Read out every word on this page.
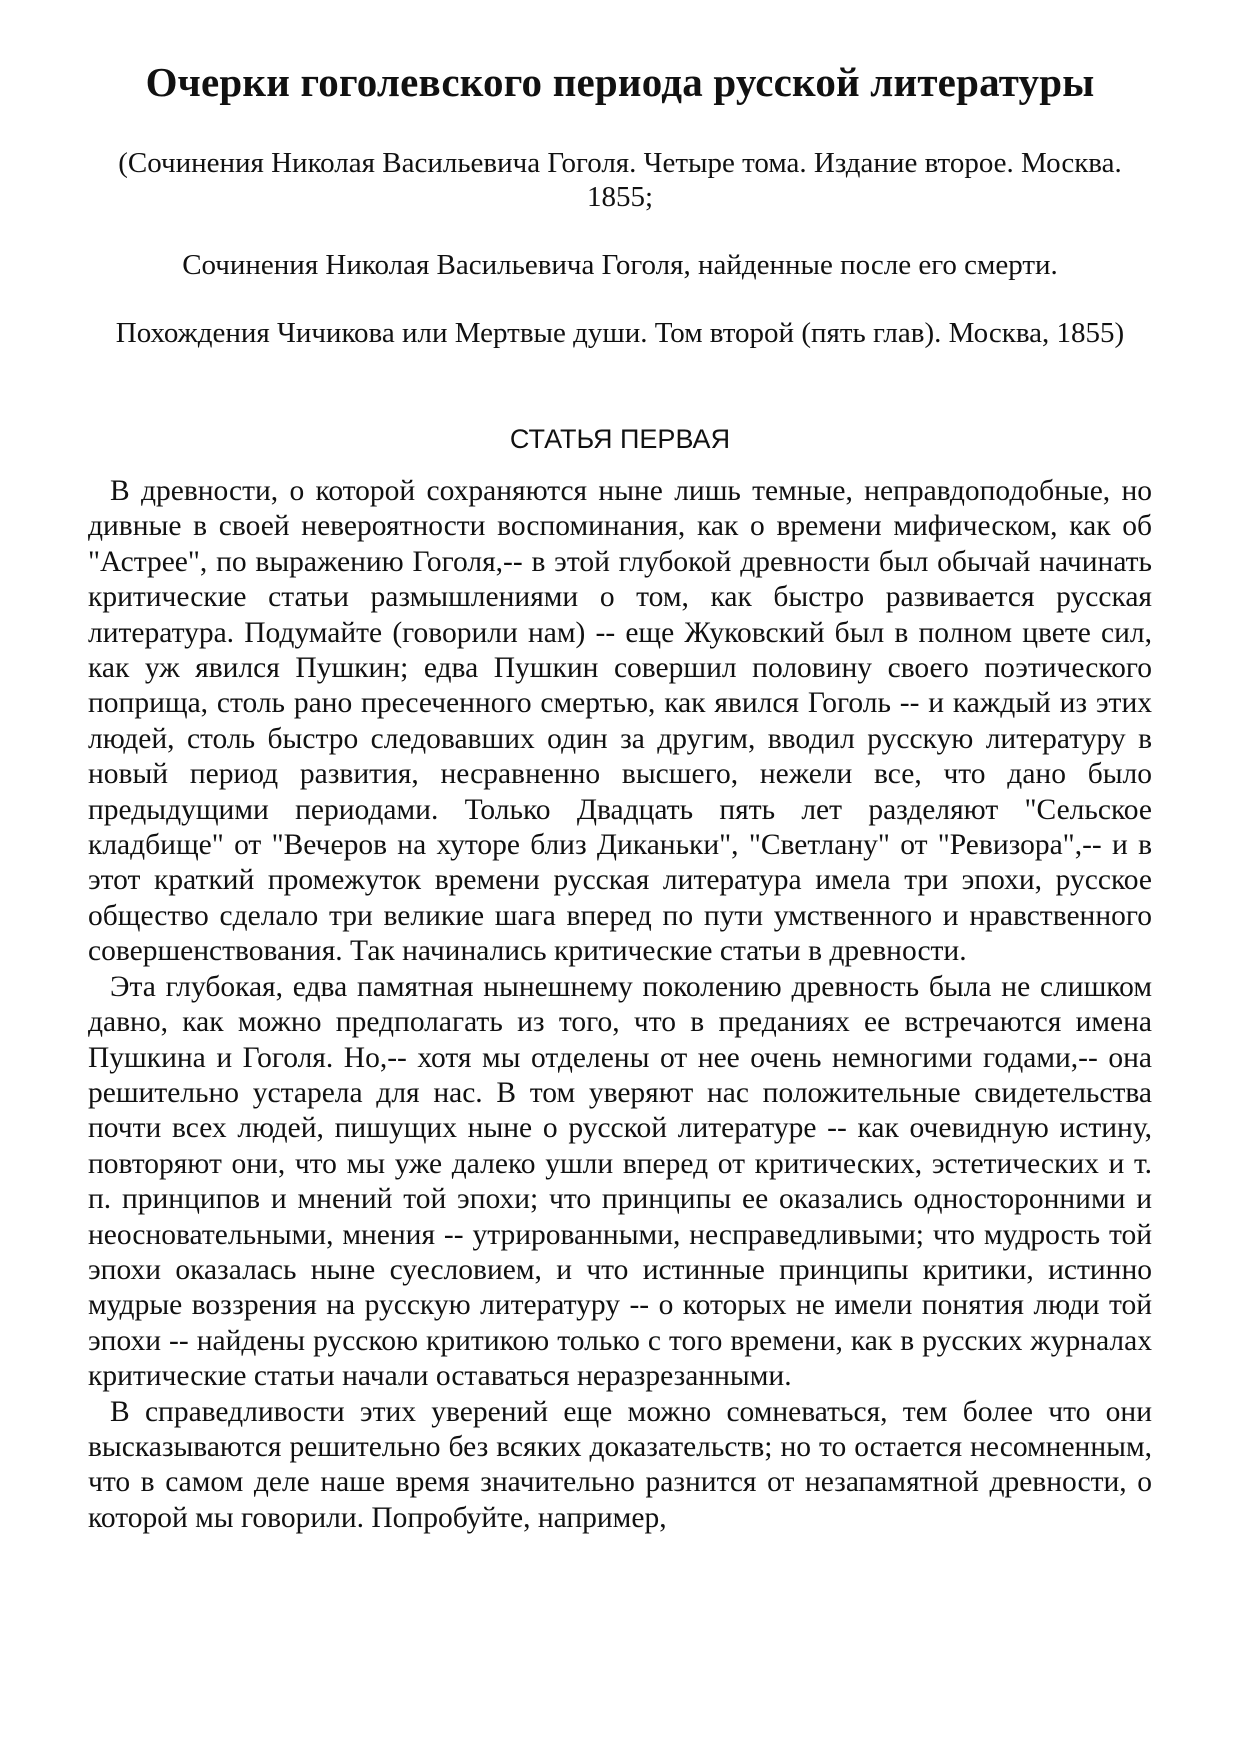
Очерки гоголевского периода русской литературы

(Сочинения Николая Васильевича Гоголя. Четыре тома. Издание второе. Москва. 1855;

Сочинения Николая Васильевича Гоголя, найденные после его смерти.

Похождения Чичикова или Мертвые души. Том второй (пять глав). Москва, 1855)

СТАТЬЯ ПЕРВАЯ

В древности, о которой сохраняются ныне лишь темные, неправдоподобные, но дивные в своей невероятности воспоминания, как о времени мифическом, как об "Астрее", по выражению Гоголя,-- в этой глубокой древности был обычай начинать критические статьи размышлениями о том, как быстро развивается русская литература. Подумайте (говорили нам) -- еще Жуковский был в полном цвете сил, как уж явился Пушкин; едва Пушкин совершил половину своего поэтического поприща, столь рано пресеченного смертью, как явился Гоголь -- и каждый из этих людей, столь быстро следовавших один за другим, вводил русскую литературу в новый период развития, несравненно высшего, нежели все, что дано было предыдущими периодами. Только Двадцать пять лет разделяют "Сельское кладбище" от "Вечеров на хуторе близ Диканьки", "Светлану" от "Ревизора",-- и в этот краткий промежуток времени русская литература имела три эпохи, русское общество сделало три великие шага вперед по пути умственного и нравственного совершенствования. Так начинались критические статьи в древности.

Эта глубокая, едва памятная нынешнему поколению древность была не слишком давно, как можно предполагать из того, что в преданиях ее встречаются имена Пушкина и Гоголя. Но,-- хотя мы отделены от нее очень немногими годами,-- она решительно устарела для нас. В том уверяют нас положительные свидетельства почти всех людей, пишущих ныне о русской литературе -- как очевидную истину, повторяют они, что мы уже далеко ушли вперед от критических, эстетических и т. п. принципов и мнений той эпохи; что принципы ее оказались односторонними и неосновательными, мнения -- утрированными, несправедливыми; что мудрость той эпохи оказалась ныне суесловием, и что истинные принципы критики, истинно мудрые воззрения на русскую литературу -- о которых не имели понятия люди той эпохи -- найдены русскою критикою только с того времени, как в русских журналах критические статьи начали оставаться неразрезанными.

В справедливости этих уверений еще можно сомневаться, тем более что они высказываются решительно без всяких доказательств; но то остается несомненным, что в самом деле наше время значительно разнится от незапамятной древности, о которой мы говорили. Попробуйте, например,
